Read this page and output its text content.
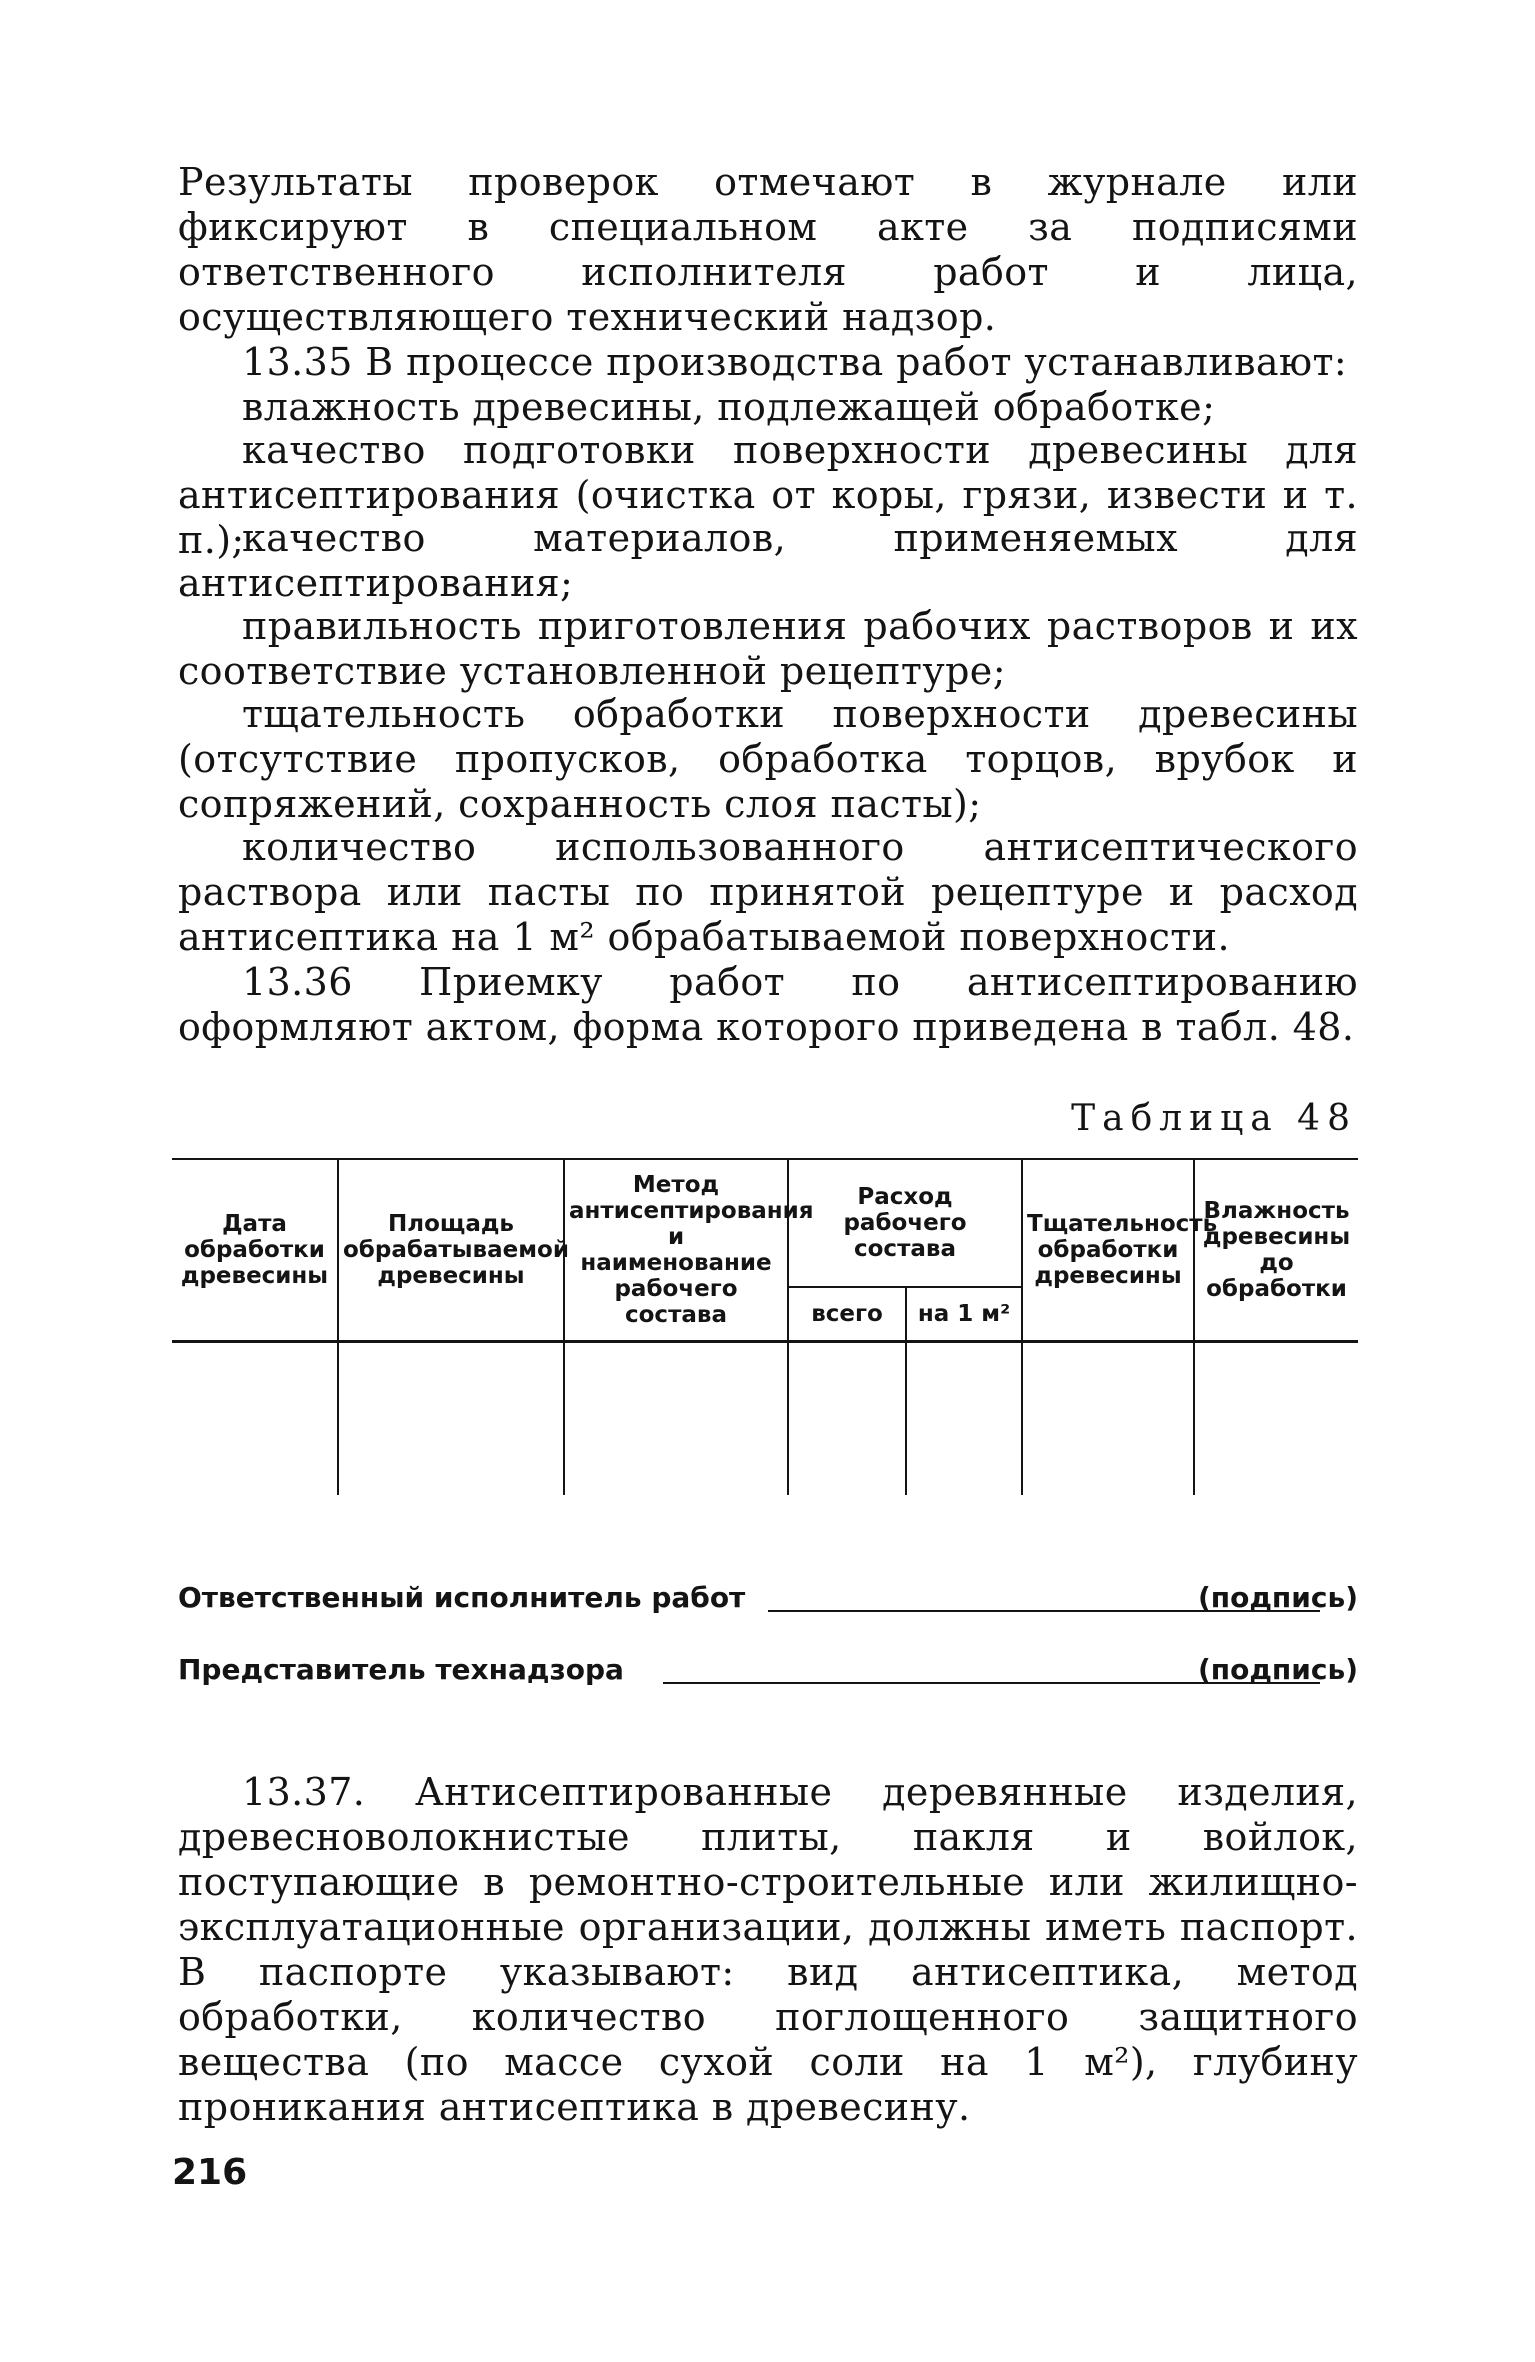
Результаты проверок отмечают в журнале или фиксируют в специальном акте за подписями ответственного исполнителя работ и лица, осуществляющего технический надзор.

13.35 В процессе производства работ устанавливают:

влажность древесины, подлежащей обработке;

качество подготовки поверхности древесины для антисептирования (очистка от коры, грязи, извести и т. п.);

качество материалов, применяемых для антисептирования;

правильность приготовления рабочих растворов и их соответствие установленной рецептуре;

тщательность обработки поверхности древесины (отсутствие пропусков, обработка торцов, врубок и сопряжений, сохранность слоя пасты);

количество использованного антисептического раствора или пасты по принятой рецептуре и расход антисептика на 1 м² обрабатываемой поверхности.

13.36 Приемку работ по антисептированию оформляют актом, форма которого приведена в табл. 48.

Таблица 48

Дата обработки древесины	Площадь обрабатываемой древесины	Метод антисептирования и наименование рабочего состава	Расход рабочего состава		Тщательность обработки древесины	Влажность древесины до обработки
			всего	на 1 м²		

Ответственный исполнитель работ	(подпись)
Представитель технадзора	(подпись)

13.37. Антисептированные деревянные изделия, древесноволокнистые плиты, пакля и войлок, поступающие в ремонтно-строительные или жилищно-эксплуатационные организации, должны иметь паспорт. В паспорте указывают: вид антисептика, метод обработки, количество поглощенного защитного вещества (по массе сухой соли на 1 м²), глубину проникания антисептика в древесину.

216
